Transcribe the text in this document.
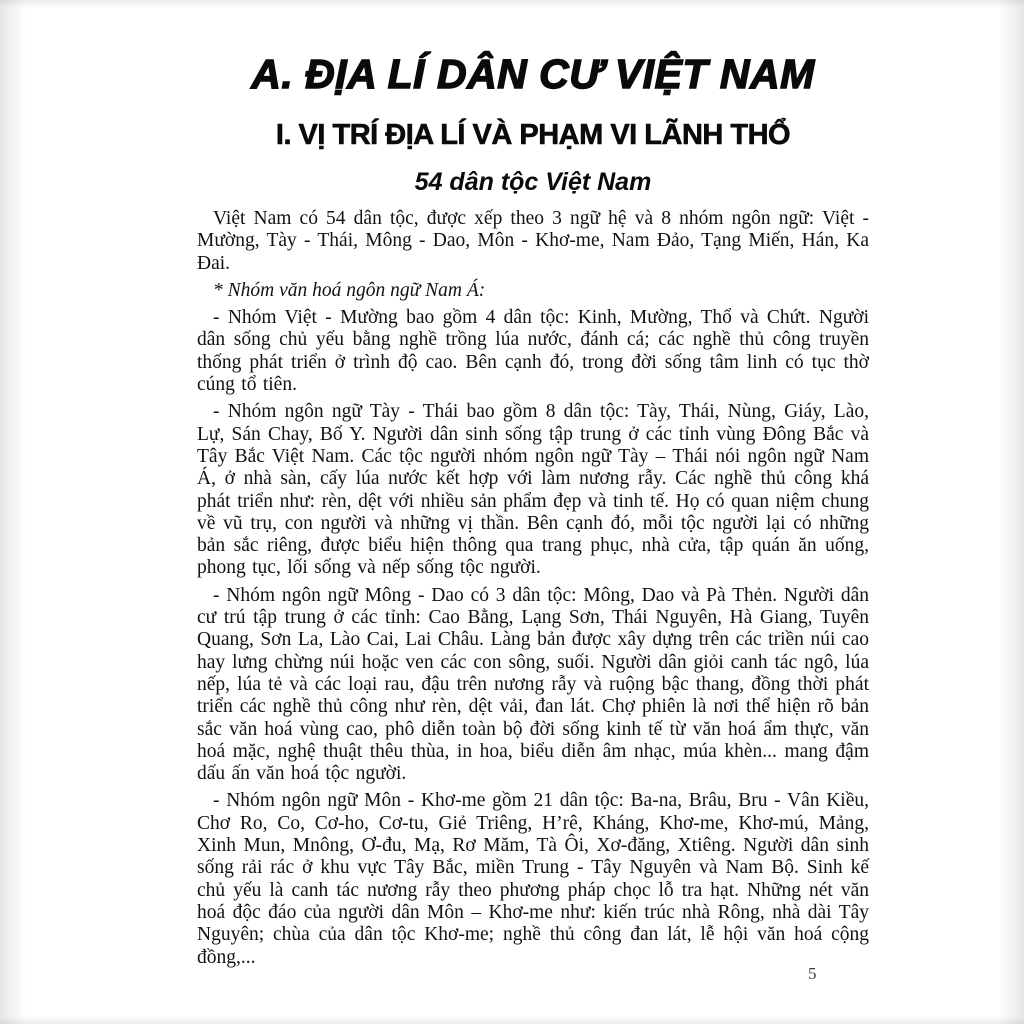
A. ĐỊA LÍ DÂN CƯ VIỆT NAM
I. VỊ TRÍ ĐỊA LÍ VÀ PHẠM VI LÃNH THỔ
54 dân tộc Việt Nam

Việt Nam có 54 dân tộc, được xếp theo 3 ngữ hệ và 8 nhóm ngôn ngữ: Việt - Mường, Tày - Thái, Mông - Dao, Môn - Khơ-me, Nam Đảo, Tạng Miến, Hán, Ka Đai.

* Nhóm văn hoá ngôn ngữ Nam Á:

- Nhóm Việt - Mường bao gồm 4 dân tộc: Kinh, Mường, Thổ và Chứt. Người dân sống chủ yếu bằng nghề trồng lúa nước, đánh cá; các nghề thủ công truyền thống phát triển ở trình độ cao. Bên cạnh đó, trong đời sống tâm linh có tục thờ cúng tổ tiên.

- Nhóm ngôn ngữ Tày - Thái bao gồm 8 dân tộc: Tày, Thái, Nùng, Giáy, Lào, Lự, Sán Chay, Bố Y. Người dân sinh sống tập trung ở các tỉnh vùng Đông Bắc và Tây Bắc Việt Nam. Các tộc người nhóm ngôn ngữ Tày – Thái nói ngôn ngữ Nam Á, ở nhà sàn, cấy lúa nước kết hợp với làm nương rẫy. Các nghề thủ công khá phát triển như: rèn, dệt với nhiều sản phẩm đẹp và tinh tế. Họ có quan niệm chung về vũ trụ, con người và những vị thần. Bên cạnh đó, mỗi tộc người lại có những bản sắc riêng, được biểu hiện thông qua trang phục, nhà cửa, tập quán ăn uống, phong tục, lối sống và nếp sống tộc người.

- Nhóm ngôn ngữ Mông - Dao có 3 dân tộc: Mông, Dao và Pà Thẻn. Người dân cư trú tập trung ở các tỉnh: Cao Bằng, Lạng Sơn, Thái Nguyên, Hà Giang, Tuyên Quang, Sơn La, Lào Cai, Lai Châu. Làng bản được xây dựng trên các triền núi cao hay lưng chừng núi hoặc ven các con sông, suối. Người dân giỏi canh tác ngô, lúa nếp, lúa tẻ và các loại rau, đậu trên nương rẫy và ruộng bậc thang, đồng thời phát triển các nghề thủ công như rèn, dệt vải, đan lát. Chợ phiên là nơi thể hiện rõ bản sắc văn hoá vùng cao, phô diễn toàn bộ đời sống kinh tế từ văn hoá ẩm thực, văn hoá mặc, nghệ thuật thêu thùa, in hoa, biểu diễn âm nhạc, múa khèn... mang đậm dấu ấn văn hoá tộc người.

- Nhóm ngôn ngữ Môn - Khơ-me gồm 21 dân tộc: Ba-na, Brâu, Bru - Vân Kiều, Chơ Ro, Co, Cơ-ho, Cơ-tu, Giẻ Triêng, H’rê, Kháng, Khơ-me, Khơ-mú, Mảng, Xinh Mun, Mnông, Ơ-đu, Mạ, Rơ Măm, Tà Ôi, Xơ-đăng, Xtiêng. Người dân sinh sống rải rác ở khu vực Tây Bắc, miền Trung - Tây Nguyên và Nam Bộ. Sinh kế chủ yếu là canh tác nương rẫy theo phương pháp chọc lỗ tra hạt. Những nét văn hoá độc đáo của người dân Môn – Khơ-me như: kiến trúc nhà Rông, nhà dài Tây Nguyên; chùa của dân tộc Khơ-me; nghề thủ công đan lát, lễ hội văn hoá cộng đồng,...

5
